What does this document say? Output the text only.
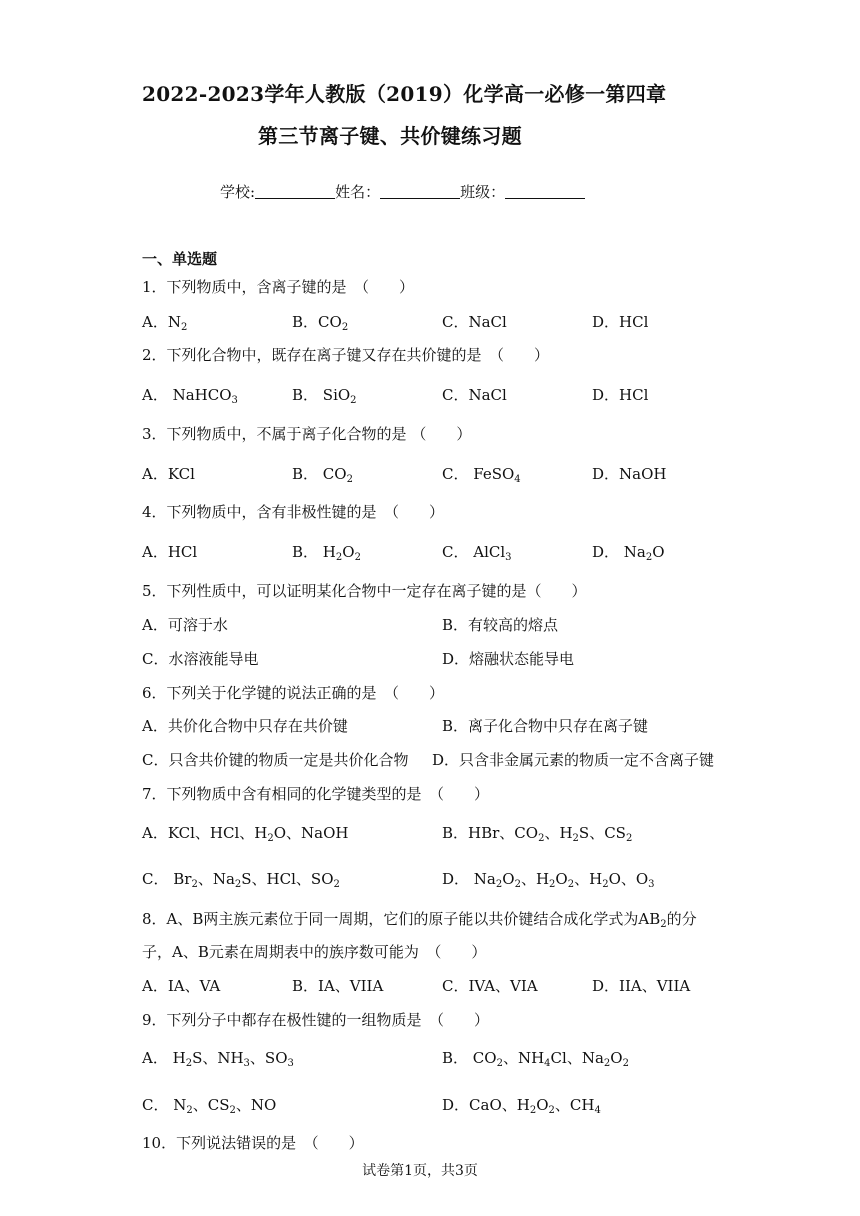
2022-2023学年人教版（2019）化学高一必修一第四章
第三节离子键、共价键练习题
学校:	姓名：	班级：
一、单选题
1．下列物质中，含离子键的是　（　　）
A．$N_2$	B．$CO_2$	C．NaCl	D．HCl
2．下列化合物中，既存在离子键又存在共价键的是　（　　）
A． NaHCO$_3$	B． SiO$_2$	C．NaCl	D．HCl
3．下列物质中，不属于离子化合物的是 （　　）
A．KCl	B． $CO_2$	C． FeSO$_4$	D．NaOH
4．下列物质中，含有非极性键的是　（　　）
A．HCl	B． $H_2O_2$	C． AlCl$_3$	D． $Na_2O$
5．下列性质中，可以证明某化合物中一定存在离子键的是（　　）
A．可溶于水	B．有较高的熔点
C．水溶液能导电	D．熔融状态能导电
6．下列关于化学键的说法正确的是　（　　）
A．共价化合物中只存在共价键	B．离子化合物中只存在离子键
C．只含共价键的物质一定是共价化合物 D．只含非金属元素的物质一定不含离子键
7．下列物质中含有相同的化学键类型的是　（　　）
A．KCl、HCl、$H_2O$、NaOH	B．HBr、$CO_2$、$H_2S$、$CS_2$
C． $Br_2$、$Na_2S$、HCl、$SO_2$	D． $Na_2O_2$、$H_2O_2$、$H_2O$、$O_3$
8．A、B两主族元素位于同一周期，它们的原子能以共价键结合成化学式为$AB_2$的分
子，A、B元素在周期表中的族序数可能为　（　　）
A．IA、VA	B．IA、VIIA	C．IVA、VIA	D．IIA、VIIA
9．下列分子中都存在极性键的一组物质是　（　　）
A． $H_2S$、$NH_3$、$SO_3$	B． $CO_2$、$NH_4Cl$、$Na_2O_2$
C． $N_2$、$CS_2$、NO	D．CaO、$H_2O_2$、$CH_4$
10．下列说法错误的是　（　　）
试卷第1页，共3页
